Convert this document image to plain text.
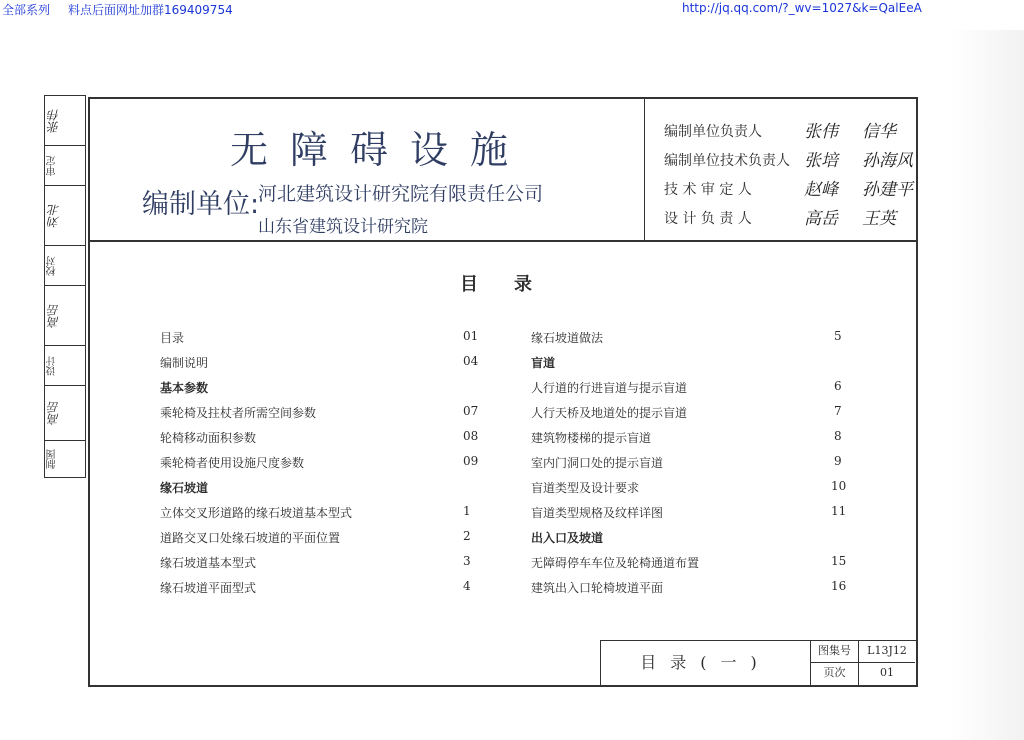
全部系列 料点后面网址加群169409754	http://jq.qq.com/?_wv=1027&k=QalEeA
张伟
审定
刘北
校对
高岳
设计
高岳
制图
无障碍设施
编制单位:
河北建筑设计研究院有限责任公司
山东省建筑设计研究院
编制单位负责人 张伟 信华
编制单位技术负责人 张培 孙海风
技 术 审 定 人	赵峰 孙建平
设 计 负 责 人	高岳 王英
目录
目录	01
编制说明	04
基本参数
乘轮椅及拄杖者所需空间参数	07
轮椅移动面积参数	08
乘轮椅者使用设施尺度参数	09
缘石坡道
立体交叉形道路的缘石坡道基本型式	1
道路交叉口处缘石坡道的平面位置	2
缘石坡道基本型式	3
缘石坡道平面型式	4
缘石坡道做法	5
盲道
人行道的行进盲道与提示盲道	6
人行天桥及地道处的提示盲道	7
建筑物楼梯的提示盲道	8
室内门洞口处的提示盲道	9
盲道类型及设计要求	10
盲道类型规格及纹样详图	11
出入口及坡道
无障碍停车车位及轮椅通道布置	15
建筑出入口轮椅坡道平面	16
目录(一)
图集号	L13J12
页次	01
